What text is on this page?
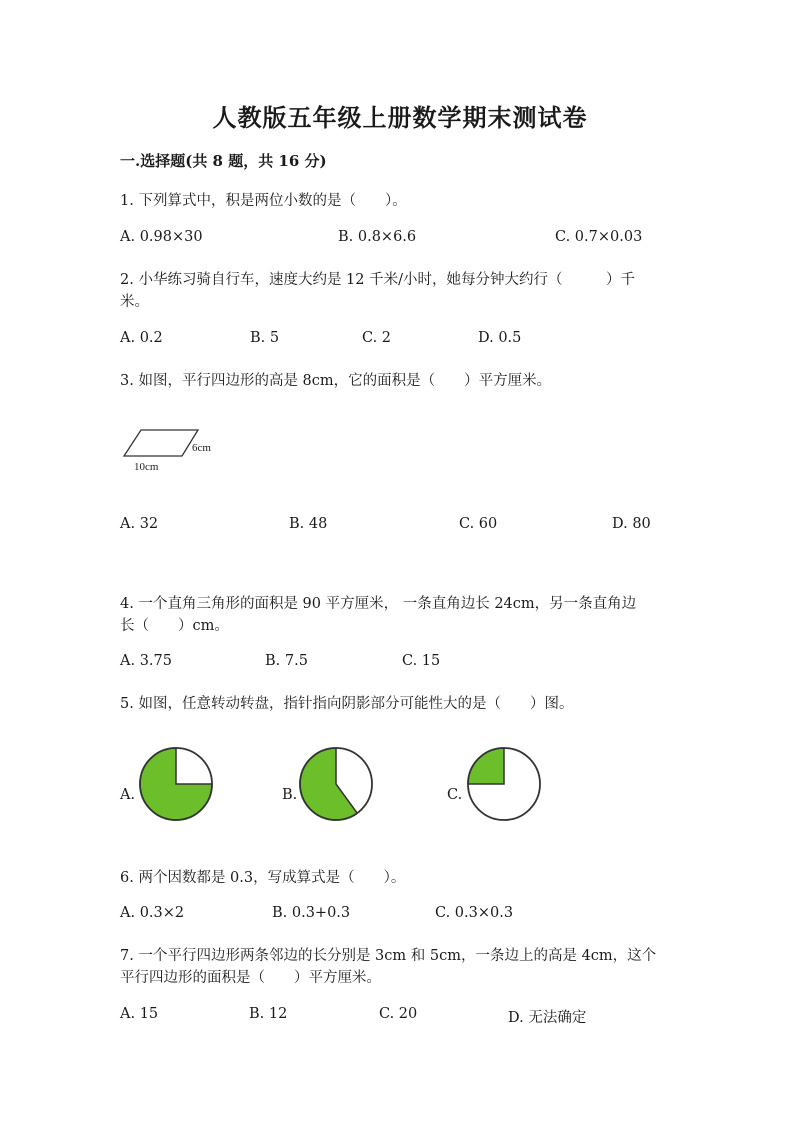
人教版五年级上册数学期末测试卷
一.选择题(共 8 题，共 16 分)
1. 下列算式中，积是两位小数的是（　　）。
A. 0.98×30	B. 0.8×6.6	C. 0.7×0.03
2. 小华练习骑自行车，速度大约是 12 千米/小时，她每分钟大约行（　　　）千
米。
A. 0.2	B. 5	C. 2	D. 0.5
3. 如图，平行四边形的高是 8cm，它的面积是（　　）平方厘米。
6cm
10cm
A. 32	B. 48	C. 60	D. 80
4. 一个直角三角形的面积是 90 平方厘米， 一条直角边长 24cm，另一条直角边
长（　　）cm。
A. 3.75	B. 7.5	C. 15
5. 如图，任意转动转盘，指针指向阴影部分可能性大的是（　　）图。
A.	B.	C.
6. 两个因数都是 0.3，写成算式是（　　）。
A. 0.3×2	B. 0.3+0.3	C. 0.3×0.3
7. 一个平行四边形两条邻边的长分别是 3cm 和 5cm，一条边上的高是 4cm，这个
平行四边形的面积是（　　）平方厘米。
A. 15	B. 12	C. 20	D. 无法确定
